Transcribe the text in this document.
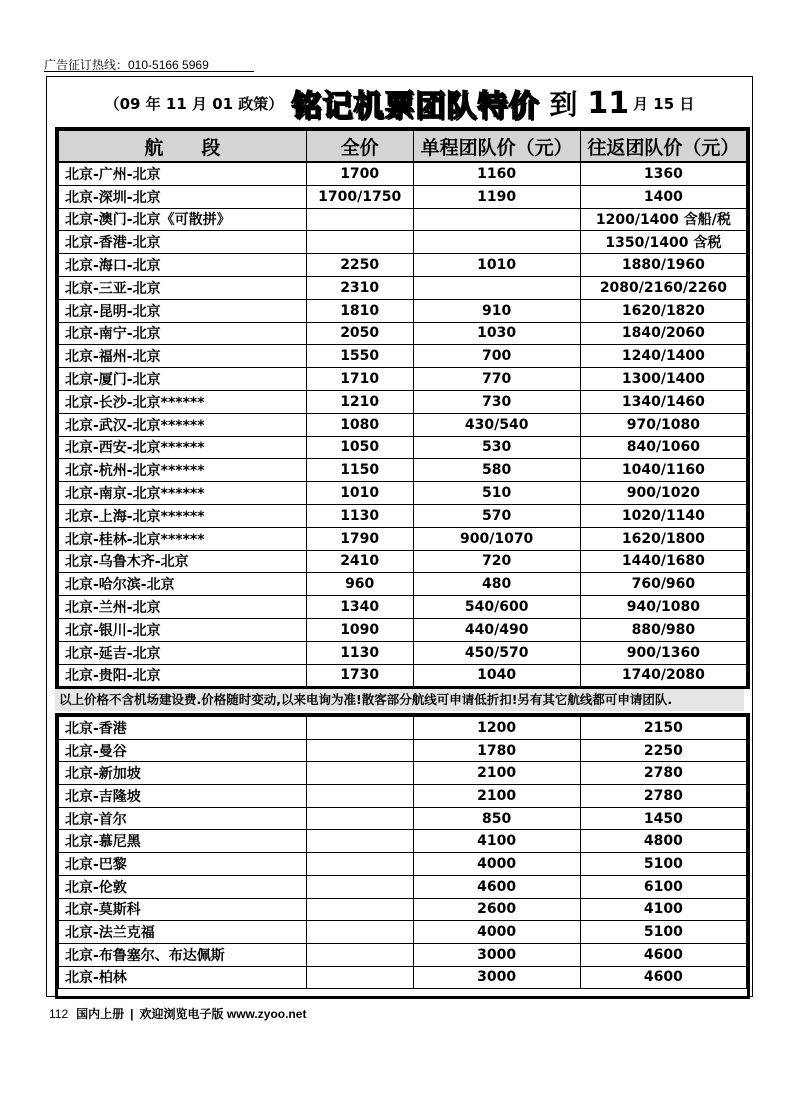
广告征订热线：010-5166 5969
（09 年 11 月 01 政策） 铭记机票团队特价 到 11 月 15 日
航　　段	全价	单程团队价（元）	往返团队价（元）
北京-广州-北京	1700	1160	1360
北京-深圳-北京	1700/1750	1190	1400
北京-澳门-北京《可散拼》			1200/1400 含船/税
北京-香港-北京			1350/1400 含税
北京-海口-北京	2250	1010	1880/1960
北京-三亚-北京	2310		2080/2160/2260
北京-昆明-北京	1810	910	1620/1820
北京-南宁-北京	2050	1030	1840/2060
北京-福州-北京	1550	700	1240/1400
北京-厦门-北京	1710	770	1300/1400
北京-长沙-北京******	1210	730	1340/1460
北京-武汉-北京******	1080	430/540	970/1080
北京-西安-北京******	1050	530	840/1060
北京-杭州-北京******	1150	580	1040/1160
北京-南京-北京******	1010	510	900/1020
北京-上海-北京******	1130	570	1020/1140
北京-桂林-北京******	1790	900/1070	1620/1800
北京-乌鲁木齐-北京	2410	720	1440/1680
北京-哈尔滨-北京	960	480	760/960
北京-兰州-北京	1340	540/600	940/1080
北京-银川-北京	1090	440/490	880/980
北京-延吉-北京	1130	450/570	900/1360
北京-贵阳-北京	1730	1040	1740/2080
以上价格不含机场建设费.价格随时变动,以来电询为准!散客部分航线可申请低折扣!另有其它航线都可申请团队.
北京-香港		1200	2150
北京-曼谷		1780	2250
北京-新加坡		2100	2780
北京-吉隆坡		2100	2780
北京-首尔		850	1450
北京-慕尼黑		4100	4800
北京-巴黎		4000	5100
北京-伦敦		4600	6100
北京-莫斯科		2600	4100
北京-法兰克福		4000	5100
北京-布鲁塞尔、布达佩斯		3000	4600
北京-柏林		3000	4600
112 国内上册 | 欢迎浏览电子版 www.zyoo.net
